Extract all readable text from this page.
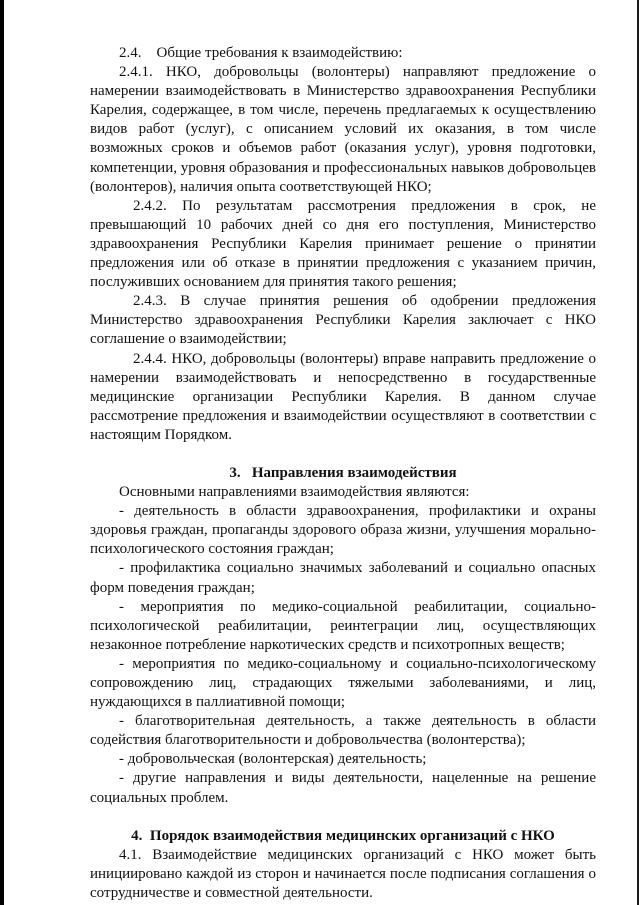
2.4.    Общие требования к взаимодействию:

2.4.1. НКО, добровольцы (волонтеры) направляют предложение о намерении взаимодействовать в Министерство здравоохранения Республики Карелия, содержащее, в том числе, перечень предлагаемых к осуществлению видов работ (услуг), с описанием условий их оказания, в том числе возможных сроков и объемов работ (оказания услуг), уровня подготовки, компетенции, уровня образования и профессиональных навыков добровольцев (волонтеров), наличия опыта соответствующей НКО;

2.4.2. По результатам рассмотрения предложения в срок, не превышающий 10 рабочих дней со дня его поступления, Министерство здравоохранения Республики Карелия принимает решение о принятии предложения или об отказе в принятии предложения с указанием причин, послуживших основанием для принятия такого решения;

2.4.3. В случае принятия решения об одобрении предложения Министерство здравоохранения Республики Карелия заключает с НКО соглашение о взаимодействии;

2.4.4. НКО, добровольцы (волонтеры) вправе направить предложение о намерении взаимодействовать и непосредственно в государственные медицинские организации Республики Карелия. В данном случае рассмотрение предложения и взаимодействии осуществляют в соответствии с настоящим Порядком.

3.   Направления взаимодействия

Основными направлениями взаимодействия являются:

- деятельность в области здравоохранения, профилактики и охраны здоровья граждан, пропаганды здорового образа жизни, улучшения морально-психологического состояния граждан;

- профилактика социально значимых заболеваний и социально опасных форм поведения граждан;

- мероприятия по медико-социальной реабилитации, социально-психологической реабилитации, реинтеграции лиц, осуществляющих незаконное потребление наркотических средств и психотропных веществ;

- мероприятия по медико-социальному и социально-психологическому сопровождению лиц, страдающих тяжелыми заболеваниями, и лиц, нуждающихся в паллиативной помощи;

- благотворительная деятельность, а также деятельность в области содействия благотворительности и добровольчества (волонтерства);

- добровольческая (волонтерская) деятельность;

- другие направления и виды деятельности, нацеленные на решение социальных проблем.

4.  Порядок взаимодействия медицинских организаций с НКО

4.1. Взаимодействие медицинских организаций с НКО может быть инициировано каждой из сторон и начинается после подписания соглашения о сотрудничестве и совместной деятельности.
